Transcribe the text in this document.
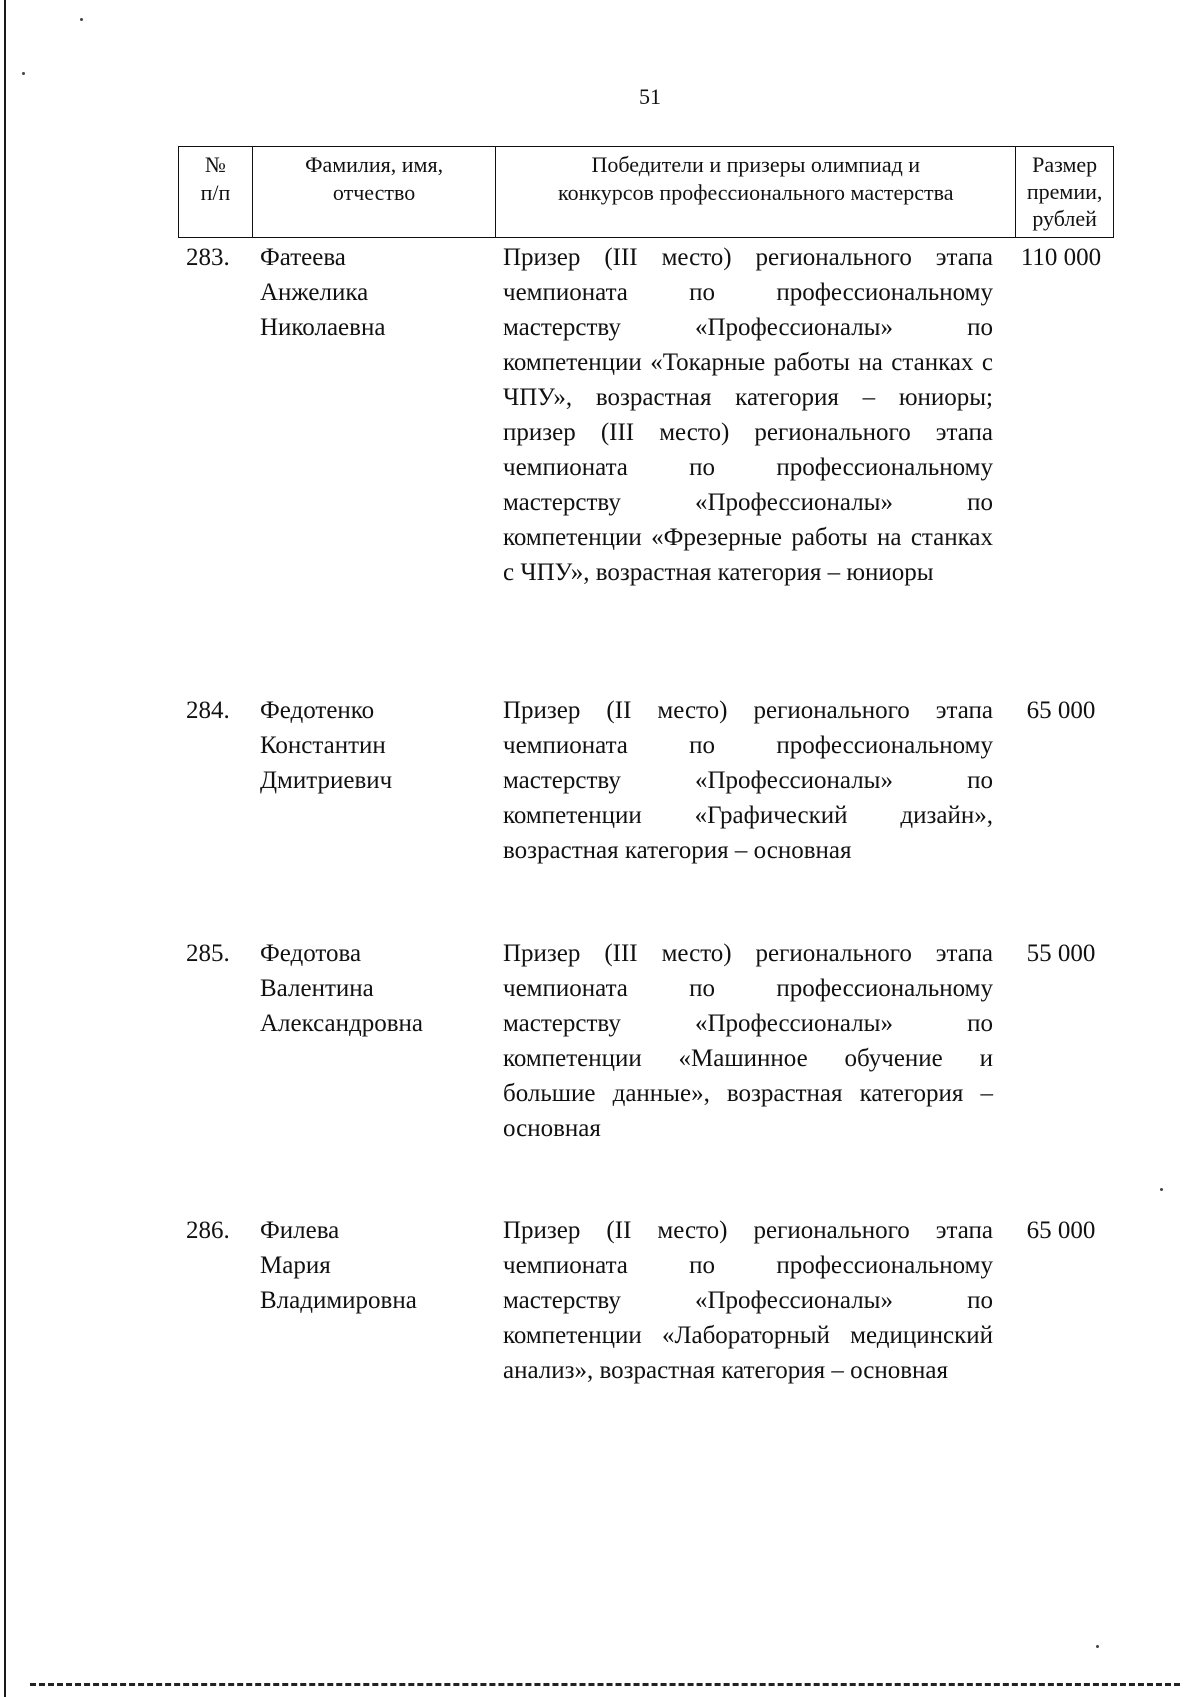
51
№
п/п
Фамилия, имя,
отчество
Победители и призеры олимпиад и
конкурсов профессионального мастерства
Размер
премии,
рублей
283. Фатеева
Анжелика
Николаевна
Призер (III место) регионального этапа чемпионата по профессиональному мастерству «Профессионалы» по компетенции «Токарные работы на станках с ЧПУ», возрастная категория – юниоры; призер (III место) регионального этапа чемпионата по профессиональному мастерству «Профессионалы» по компетенции «Фрезерные работы на станках с ЧПУ», возрастная категория – юниоры
110 000
284. Федотенко
Константин
Дмитриевич
Призер (II место) регионального этапа чемпионата по профессиональному мастерству «Профессионалы» по компетенции «Графический дизайн», возрастная категория – основная
65 000
285. Федотова
Валентина
Александровна
Призер (III место) регионального этапа чемпионата по профессиональному мастерству «Профессионалы» по компетенции «Машинное обучение и большие данные», возрастная категория – основная
55 000
286. Филева
Мария
Владимировна
Призер (II место) регионального этапа чемпионата по профессиональному мастерству «Профессионалы» по компетенции «Лабораторный медицинский анализ», возрастная категория – основная
65 000
